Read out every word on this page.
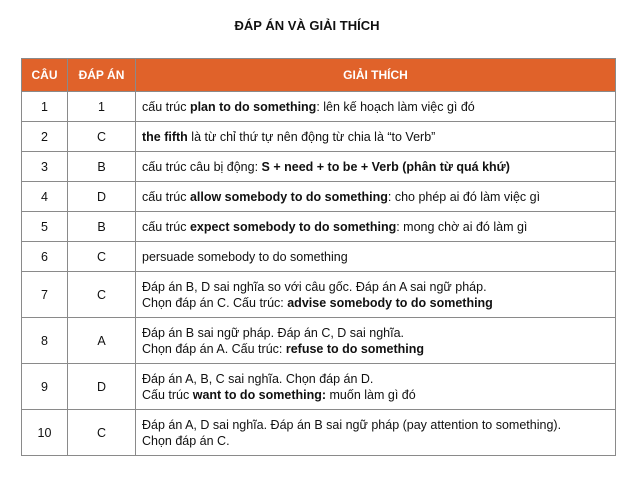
ĐÁP ÁN VÀ GIẢI THÍCH
CÂU	ĐÁP ÁN	GIẢI THÍCH
1	1	cấu trúc plan to do something: lên kế hoạch làm việc gì đó

2	C	the fifth là từ chỉ thứ tự nên động từ chia là “to Verb”

3	B	cấu trúc câu bị động: S + need + to be + Verb (phân từ quá khứ)

4	D	cấu trúc allow somebody to do something: cho phép ai đó làm việc gì

5	B	cấu trúc expect somebody to do something: mong chờ ai đó làm gì

6	C	persuade somebody to do something

7	C	Đáp án B, D sai nghĩa so với câu gốc. Đáp án A sai ngữ pháp.
Chọn đáp án C. Cấu trúc: advise somebody to do something

8	A	Đáp án B sai ngữ pháp. Đáp án C, D sai nghĩa.
Chọn đáp án A. Cấu trúc: refuse to do something

9	D	Đáp án A, B, C sai nghĩa. Chọn đáp án D.
Cấu trúc want to do something: muốn làm gì đó

10	C	Đáp án A, D sai nghĩa. Đáp án B sai ngữ pháp (pay attention to something).
Chọn đáp án C.
